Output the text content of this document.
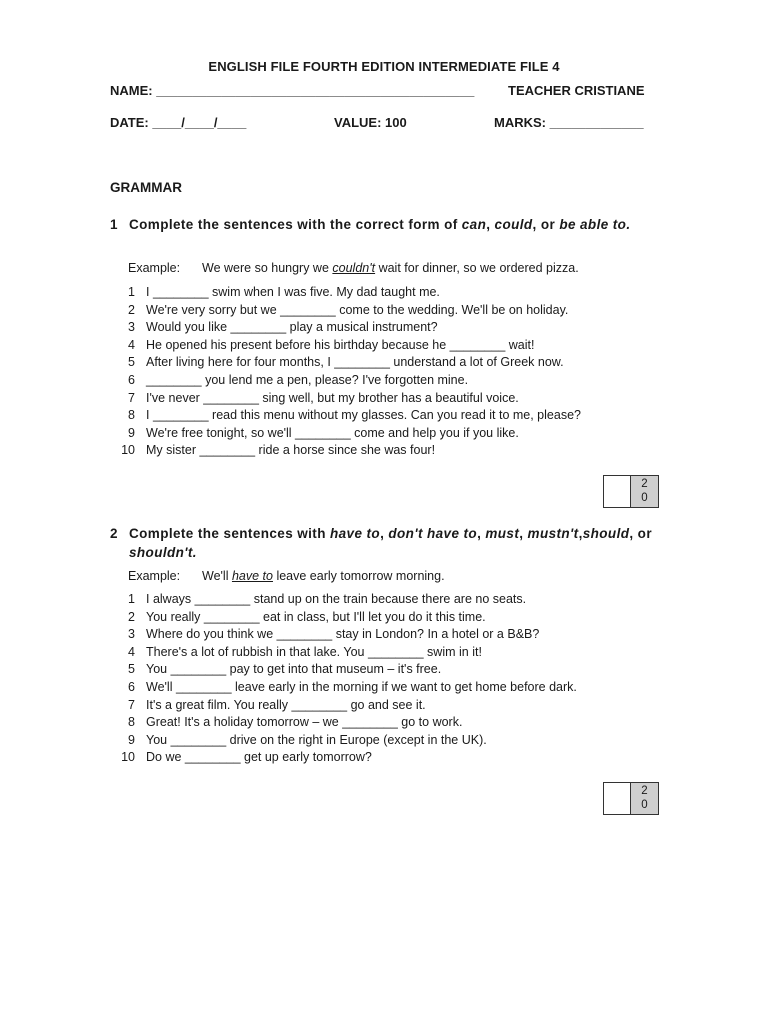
ENGLISH FILE FOURTH EDITION INTERMEDIATE FILE 4
NAME: ____________________________________________	TEACHER CRISTIANE
DATE: ____/____/____	VALUE: 100	MARKS: _____________
GRAMMAR
1 Complete the sentences with the correct form of can, could, or be able to.
Example: We were so hungry we couldn't wait for dinner, so we ordered pizza.
1 I ________ swim when I was five. My dad taught me.
2 We're very sorry but we ________ come to the wedding. We'll be on holiday.
3 Would you like ________ play a musical instrument?
4 He opened his present before his birthday because he ________ wait!
5 After living here for four months, I ________ understand a lot of Greek now.
6 ________ you lend me a pen, please? I've forgotten mine.
7 I've never ________ sing well, but my brother has a beautiful voice.
8 I ________ read this menu without my glasses. Can you read it to me, please?
9 We're free tonight, so we'll ________ come and help you if you like.
10 My sister ________ ride a horse since she was four!
2
0
2 Complete the sentences with have to, don't have to, must, mustn't,should, or shouldn't.
Example: We'll have to leave early tomorrow morning.
1 I always ________ stand up on the train because there are no seats.
2 You really ________ eat in class, but I'll let you do it this time.
3 Where do you think we ________ stay in London? In a hotel or a B&B?
4 There's a lot of rubbish in that lake. You ________ swim in it!
5 You ________ pay to get into that museum – it's free.
6 We'll ________ leave early in the morning if we want to get home before dark.
7 It's a great film. You really ________ go and see it.
8 Great! It's a holiday tomorrow – we ________ go to work.
9 You ________ drive on the right in Europe (except in the UK).
10 Do we ________ get up early tomorrow?
2
0
